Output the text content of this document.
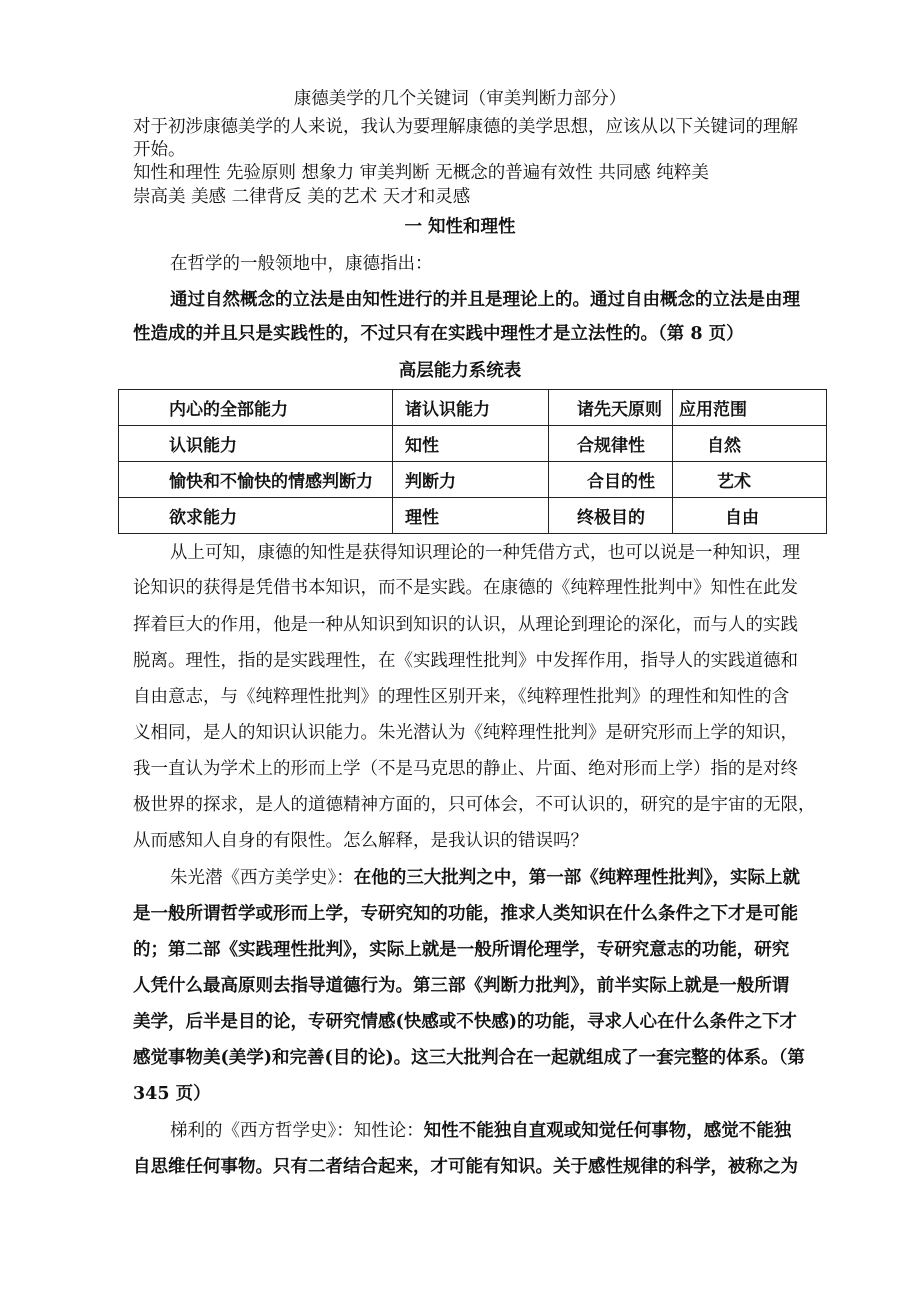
康德美学的几个关键词（审美判断力部分）
对于初涉康德美学的人来说，我认为要理解康德的美学思想，应该从以下关键词的理解
开始。
知性和理性 先验原则 想象力 审美判断 无概念的普遍有效性 共同感 纯粹美
崇高美 美感 二律背反 美的艺术 天才和灵感
一 知性和理性
在哲学的一般领地中，康德指出：
通过自然概念的立法是由知性进行的并且是理论上的。通过自由概念的立法是由理
性造成的并且只是实践性的，不过只有在实践中理性才是立法性的。（第 8 页）
高层能力系统表
内心的全部能力	诸认识能力	诸先天原则	应用范围
认识能力	知性	合规律性	自然
愉快和不愉快的情感判断力	判断力	合目的性	艺术
欲求能力	理性	终极目的	自由
从上可知，康德的知性是获得知识理论的一种凭借方式，也可以说是一种知识，理
论知识的获得是凭借书本知识，而不是实践。在康德的《纯粹理性批判中》知性在此发
挥着巨大的作用，他是一种从知识到知识的认识，从理论到理论的深化，而与人的实践
脱离。理性，指的是实践理性，在《实践理性批判》中发挥作用，指导人的实践道德和
自由意志，与《纯粹理性批判》的理性区别开来，《纯粹理性批判》的理性和知性的含
义相同，是人的知识认识能力。朱光潜认为《纯粹理性批判》是研究形而上学的知识，
我一直认为学术上的形而上学（不是马克思的静止、片面、绝对形而上学）指的是对终
极世界的探求，是人的道德精神方面的，只可体会，不可认识的，研究的是宇宙的无限，
从而感知人自身的有限性。怎么解释，是我认识的错误吗？
朱光潜《西方美学史》：在他的三大批判之中，第一部《纯粹理性批判》，实际上就
是一般所谓哲学或形而上学，专研究知的功能，推求人类知识在什么条件之下才是可能
的；第二部《实践理性批判》，实际上就是一般所谓伦理学，专研究意志的功能，研究
人凭什么最高原则去指导道德行为。第三部《判断力批判》，前半实际上就是一般所谓
美学，后半是目的论，专研究情感(快感或不快感)的功能，寻求人心在什么条件之下才
感觉事物美(美学)和完善(目的论)。这三大批判合在一起就组成了一套完整的体系。（第
345 页）
梯利的《西方哲学史》：知性论：知性不能独自直观或知觉任何事物，感觉不能独
自思维任何事物。只有二者结合起来，才可能有知识。关于感性规律的科学，被称之为
